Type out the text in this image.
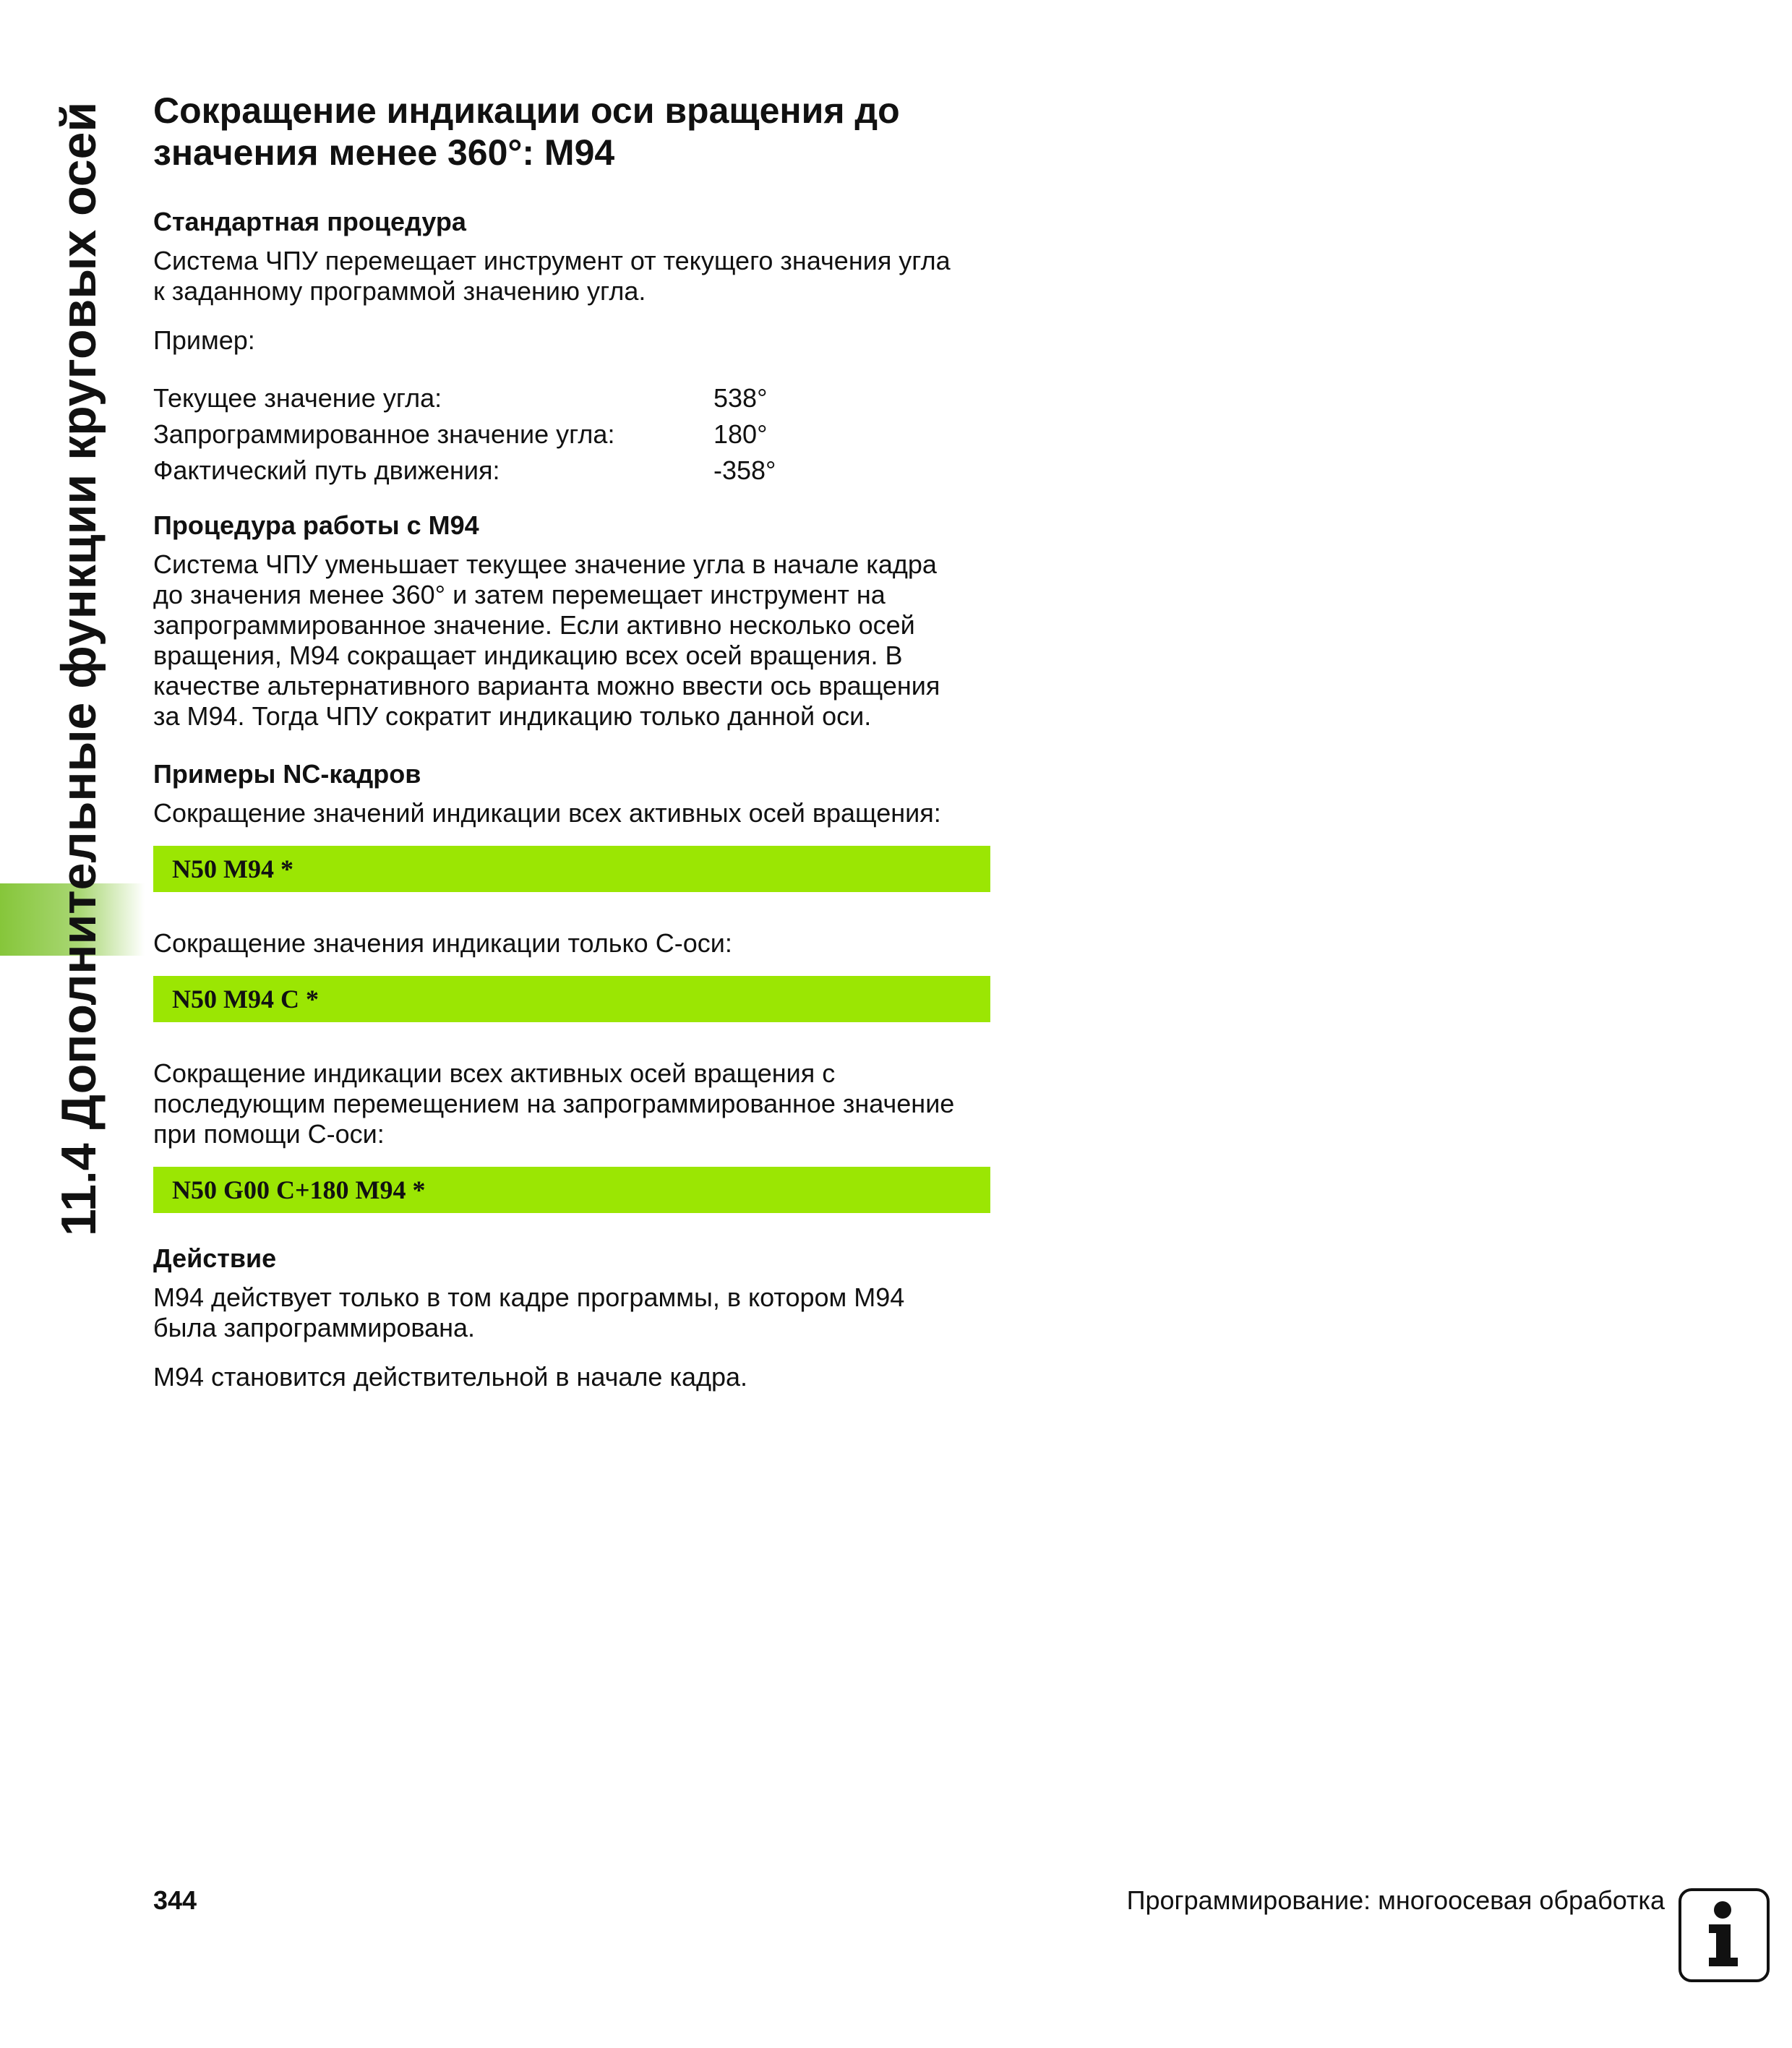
11.4 Дополнительные функции круговых осей Сокращение индикации оси вращения до
значения менее 360°: M94
Стандартная процедура

Система ЧПУ перемещает инструмент от текущего значения угла
к заданному программой значению угла.

Пример:

Текущее значение угла:	538°
Запрограммированное значение угла:	180°
Фактический путь движения:	-358°
Процедура работы с M94

Система ЧПУ уменьшает текущее значение угла в начале кадра
до значения менее 360° и затем перемещает инструмент на
запрограммированное значение. Если активно несколько осей
вращения, M94 сокращает индикацию всех осей вращения. В
качестве альтернативного варианта можно ввести ось вращения
за M94. Тогда ЧПУ сократит индикацию только данной оси.

Примеры NC-кадров

Сокращение значений индикации всех активных осей вращения:

N50 M94 *

Сокращение значения индикации только C-оси:

N50 M94 C *

Сокращение индикации всех активных осей вращения с
последующим перемещением на запрограммированное значение
при помощи C-оси:

N50 G00 C+180 M94 *
Действие

M94 действует только в том кадре программы, в котором M94
была запрограммирована.

M94 становится действительной в начале кадра.

344	Программирование: многоосевая обработка
